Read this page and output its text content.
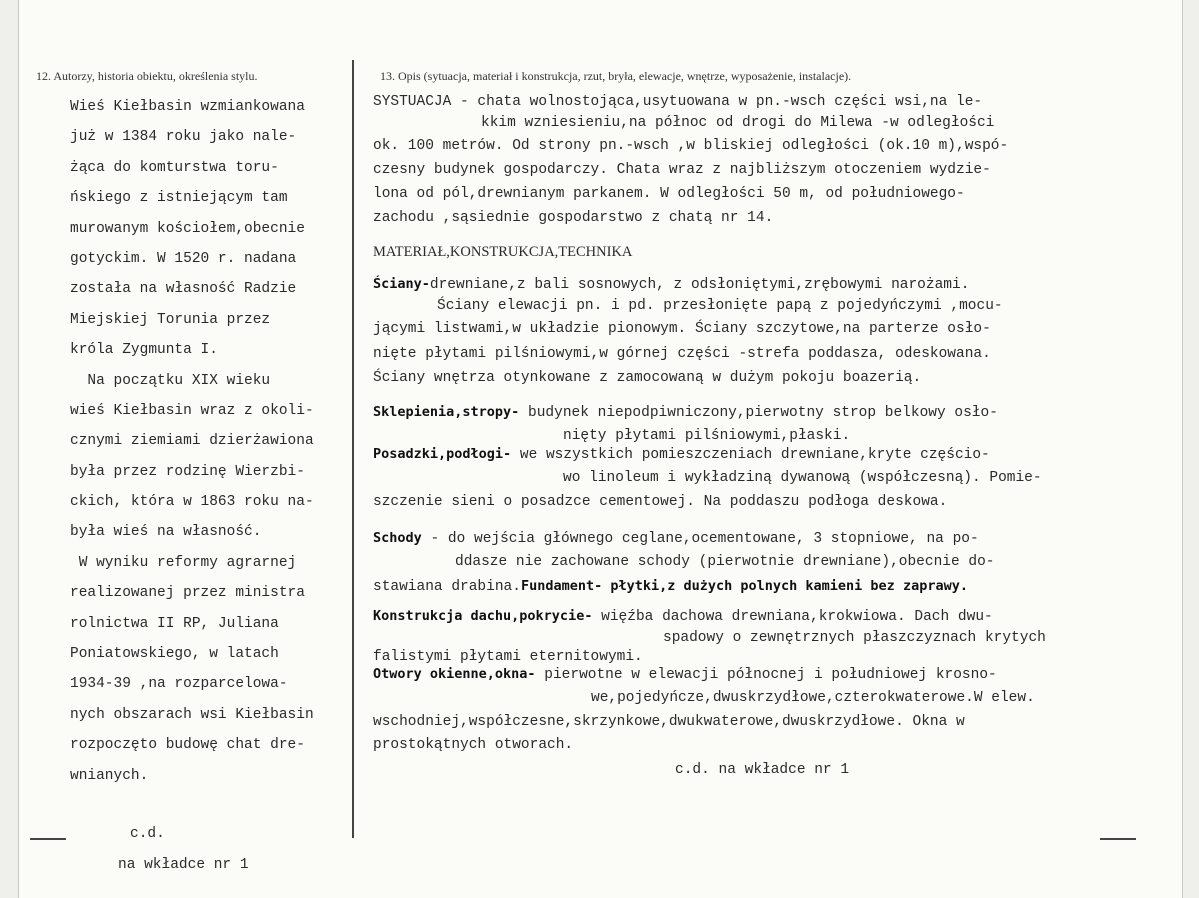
12. Autorzy, historia obiektu, określenia stylu.	13. Opis (sytuacja, materiał i konstrukcja, rzut, bryła, elewacje, wnętrze, wyposażenie, instalacje).
Wieś Kiełbasin wzmiankowana
już w 1384 roku jako nale-
żąca do komturstwa toru-
ńskiego z istniejącym tam
murowanym kościołem,obecnie
gotyckim. W 1520 r. nadana
została na własność Radzie
Miejskiej Torunia przez
króla Zygmunta I.
Na początku XIX wieku
wieś Kiełbasin wraz z okoli-
cznymi ziemiami dzierżawiona
była przez rodzinę Wierzbi-
ckich, która w 1863 roku na-
była wieś na własność.
W wyniku reformy agrarnej
realizowanej przez ministra
rolnictwa II RP, Juliana
Poniatowskiego, w latach
1934-39 ,na rozparcelowa-
nych obszarach wsi Kiełbasin
rozpoczęto budowę chat dre-
wnianych.
c.d.
na wkładce nr 1
SYSTUACJA - chata wolnostojąca,usytuowana w pn.-wsch części wsi,na le-
kkim wzniesieniu,na północ od drogi do Milewa -w odległości
ok. 100 metrów. Od strony pn.-wsch ,w bliskiej odległości (ok.10 m),wspó-
czesny budynek gospodarczy. Chata wraz z najbliższym otoczeniem wydzie-
lona od pól,drewnianym parkanem. W odległości 50 m, od południowego-
zachodu ,sąsiednie gospodarstwo z chatą nr 14.
MATERIAŁ,KONSTRUKCJA,TECHNIKA
Ściany-drewniane,z bali sosnowych, z odsłoniętymi,zrębowymi narożami.
Ściany elewacji pn. i pd. przesłonięte papą z pojedyńczymi ,mocu-
jącymi listwami,w układzie pionowym. Ściany szczytowe,na parterze osło-
nięte płytami pilśniowymi,w górnej części -strefa poddasza, odeskowana.
Ściany wnętrza otynkowane z zamocowaną w dużym pokoju boazerią.
Sklepienia,stropy- budynek niepodpiwniczony,pierwotny strop belkowy osło-
nięty płytami pilśniowymi,płaski.
Posadzki,podłogi- we wszystkich pomieszczeniach drewniane,kryte częścio-
wo linoleum i wykładziną dywanową (współczesną). Pomie-
szczenie sieni o posadzce cementowej. Na poddaszu podłoga deskowa.
Schody - do wejścia głównego ceglane,ocementowane, 3 stopniowe, na po-
ddasze nie zachowane schody (pierwotnie drewniane),obecnie do-
stawiana drabina.Fundament- płytki,z dużych polnych kamieni bez zaprawy.
Konstrukcja dachu,pokrycie- więźba dachowa drewniana,krokwiowa. Dach dwu-
spadowy o zewnętrznych płaszczyznach krytych
falistymi płytami eternitowymi.
Otwory okienne,okna- pierwotne w elewacji północnej i południowej krosno-
we,pojedyńcze,dwuskrzydłowe,czterokwaterowe.W elew.
wschodniej,współczesne,skrzynkowe,dwukwaterowe,dwuskrzydłowe. Okna w
prostokątnych otworach.
c.d. na wkładce nr 1
